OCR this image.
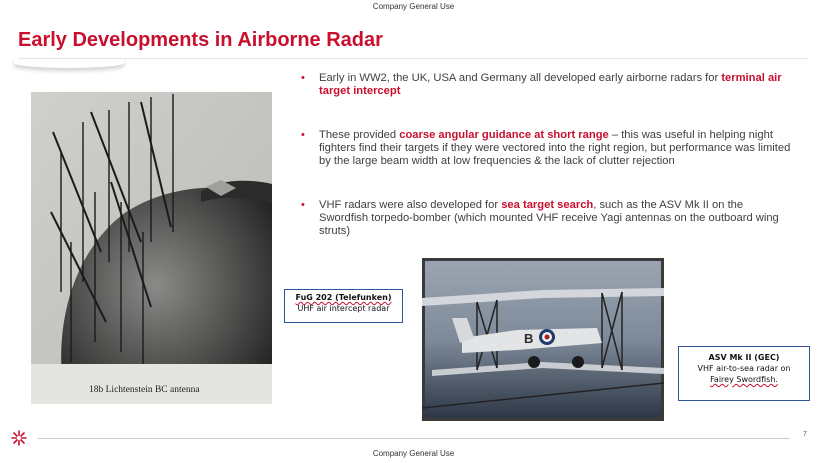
Company General Use
Early Developments in Airborne Radar
18b Lichtenstein BC antenna
• Early in WW2, the UK, USA and Germany all developed early airborne radars for terminal air target intercept
• These provided coarse angular guidance at short range – this was useful in helping night fighters find their targets if they were vectored into the right region, but performance was limited by the large beam width at low frequencies & the lack of clutter rejection
• VHF radars were also developed for sea target search, such as the ASV Mk II on the Swordfish torpedo-bomber (which mounted VHF receive Yagi antennas on the outboard wing struts)
FuG 202 (Telefunken)
UHF air intercept radar
B
ASV Mk II (GEC)
VHF air-to-sea radar on
Fairey Swordfish.
7
Company General Use
